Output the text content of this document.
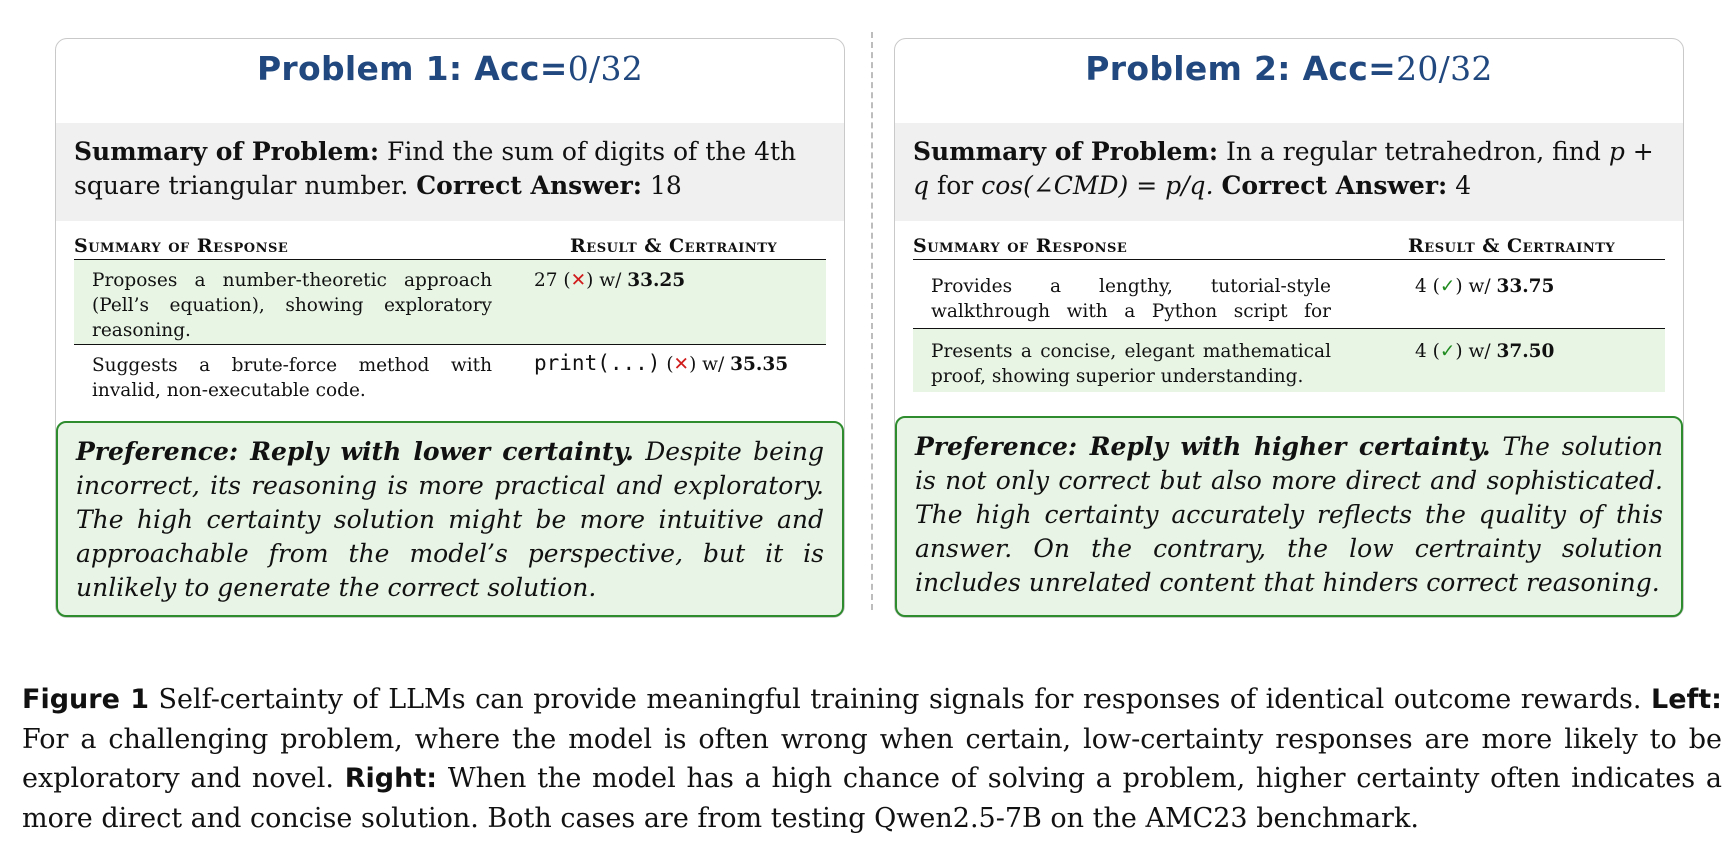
Problem 1: Acc=0/32
Summary of Problem: Find the sum of digits of the 4th square triangular number. Correct Answer: 18
Summary of Response	Result & Certrainty
Proposes a number-theoretic approach (Pell’s equation), showing exploratory reasoning.
27 (✕) w/ 33.25
Suggests a brute-force method with invalid, non-executable code.
print(...) (✕) w/ 35.35
Preference: Reply with lower certainty. Despite being incorrect, its reasoning is more practical and exploratory. The high certainty solution might be more intuitive and approachable from the model’s perspective, but it is unlikely to generate the correct solution.
Problem 2: Acc=20/32
Summary of Problem: In a regular tetrahedron, find p + q for cos(∠CMD) = p/q. Correct Answer: 4
Summary of Response	Result & Certrainty
Provides a lengthy, tutorial-style walkthrough with a Python script for
4 (✓) w/ 33.75
Presents a concise, elegant mathematical proof, showing superior understanding.
4 (✓) w/ 37.50
Preference: Reply with higher certainty. The solution is not only correct but also more direct and sophisticated. The high certainty accurately reflects the quality of this answer. On the contrary, the low certrainty solution includes unrelated content that hinders correct reasoning.
Figure 1 Self-certainty of LLMs can provide meaningful training signals for responses of identical outcome rewards. Left: For a challenging problem, where the model is often wrong when certain, low-certainty responses are more likely to be exploratory and novel. Right: When the model has a high chance of solving a problem, higher certainty often indicates a more direct and concise solution. Both cases are from testing Qwen2.5-7B on the AMC23 benchmark.
